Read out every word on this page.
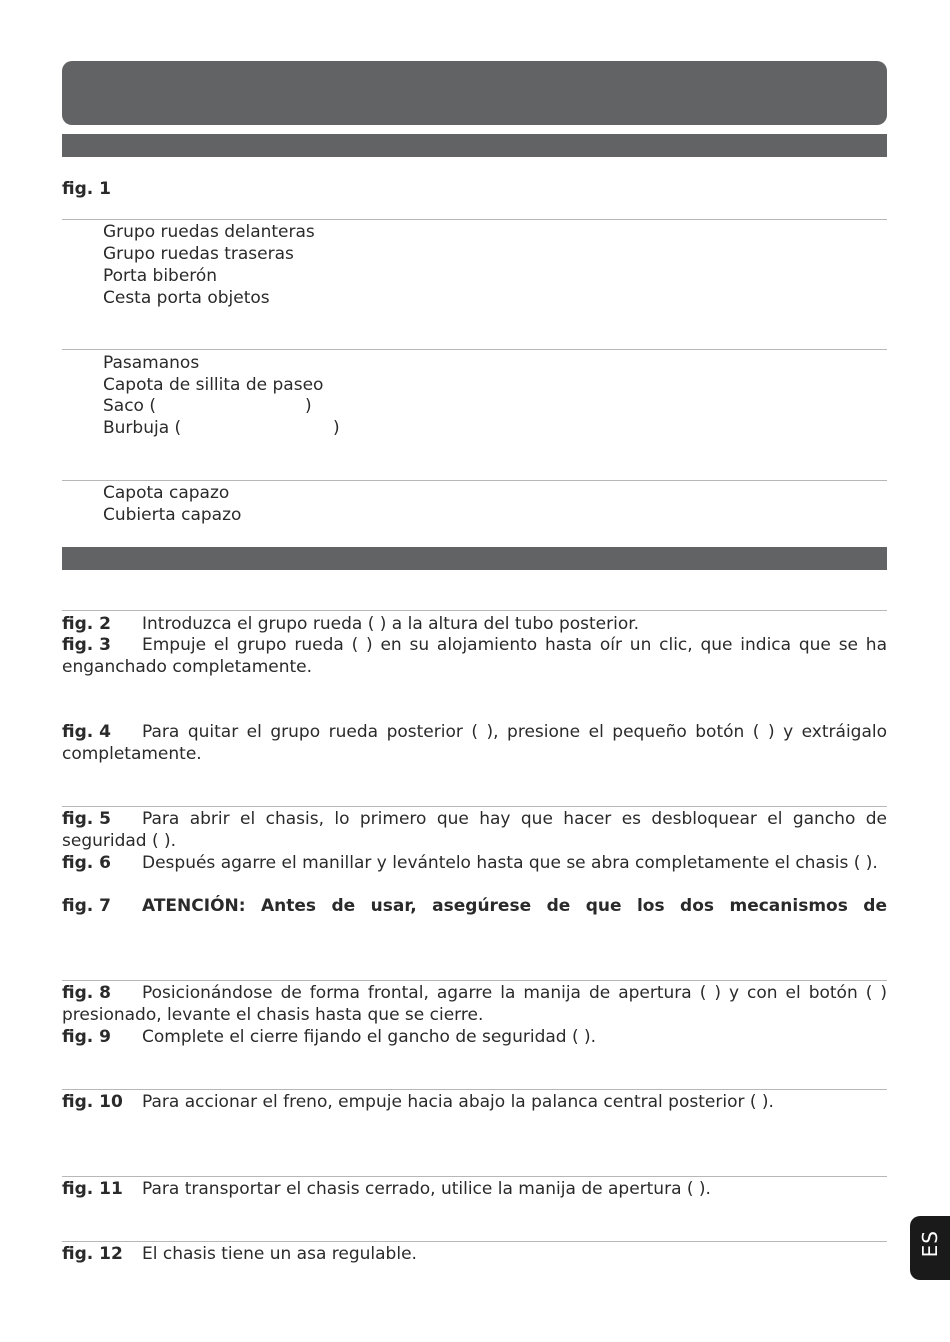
fig. 1
Grupo ruedas delanteras
Grupo ruedas traseras
Porta biberón
Cesta porta objetos
Pasamanos
Capota de sillita de paseo
Saco (	)
Burbuja (	)
Capota capazo
Cubierta capazo
fig. 2 Introduzca el grupo rueda ( ) a la altura del tubo posterior.
fig. 3	Empuje el grupo rueda ( ) en su alojamiento hasta oír un clic, que indica que se ha enganchado completamente.
fig. 4	Para quitar el grupo rueda posterior ( ), presione el pequeño botón ( ) y extráigalo completamente.
fig. 5	Para abrir el chasis, lo primero que hay que hacer es desbloquear el gancho de seguridad ( ).
fig. 6	Después agarre el manillar y levántelo hasta que se abra completamente el chasis ( ).
fig. 7 ATENCIÓN: Antes de usar, asegúrese de que los dos mecanismos de
fig. 8	Posicionándose de forma frontal, agarre la manija de apertura ( ) y con el botón ( ) presionado, levante el chasis hasta que se cierre.
fig. 9 Complete el cierre fijando el gancho de seguridad ( ).
fig. 10 Para accionar el freno, empuje hacia abajo la palanca central posterior ( ).
fig. 11 Para transportar el chasis cerrado, utilice la manija de apertura ( ).
fig. 12 El chasis tiene un asa regulable.	ES
